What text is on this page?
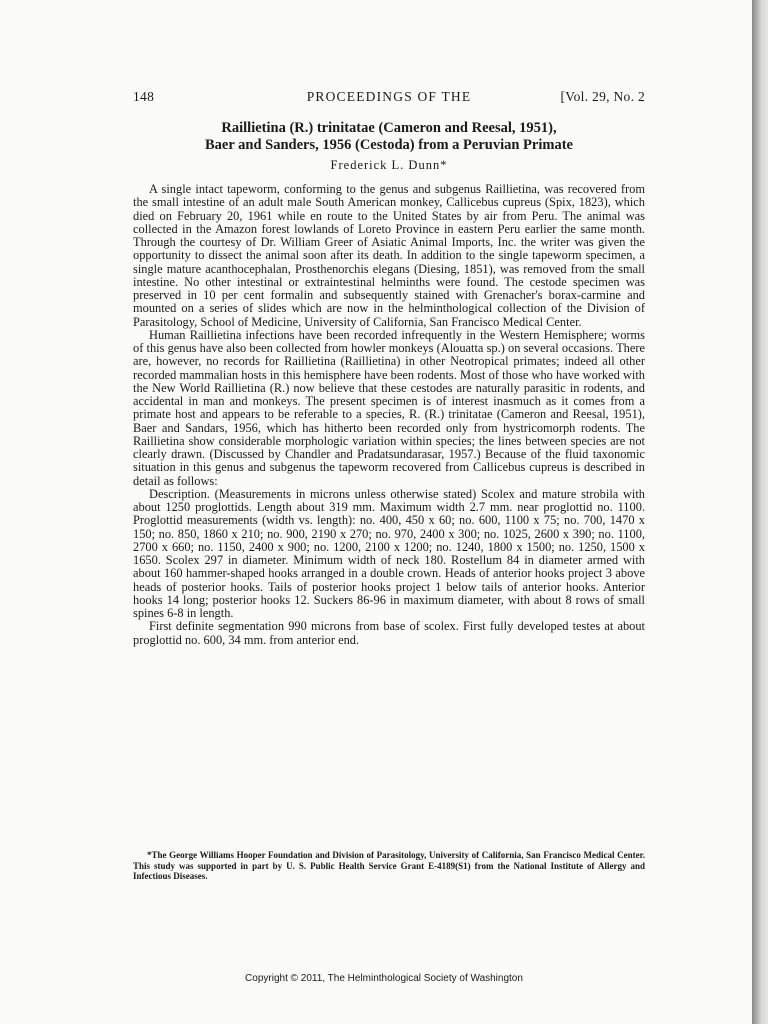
148	PROCEEDINGS OF THE	[Vol. 29, No. 2
Raillietina (R.) trinitatae (Cameron and Reesal, 1951),
Baer and Sanders, 1956 (Cestoda) from a Peruvian Primate
Frederick L. Dunn*

A single intact tapeworm, conforming to the genus and subgenus Raillietina, was recovered from the small intestine of an adult male South American monkey, Callicebus cupreus (Spix, 1823), which died on February 20, 1961 while en route to the United States by air from Peru. The animal was collected in the Amazon forest lowlands of Loreto Province in eastern Peru earlier the same month. Through the courtesy of Dr. William Greer of Asiatic Animal Imports, Inc. the writer was given the opportunity to dissect the animal soon after its death. In addition to the single tapeworm specimen, a single mature acanthocephalan, Prosthenorchis elegans (Diesing, 1851), was removed from the small intestine. No other intestinal or extraintestinal helminths were found. The cestode specimen was preserved in 10 per cent formalin and subsequently stained with Grenacher's borax-carmine and mounted on a series of slides which are now in the helminthological collection of the Division of Parasitology, School of Medicine, University of California, San Francisco Medical Center.

Human Raillietina infections have been recorded infrequently in the Western Hemisphere; worms of this genus have also been collected from howler monkeys (Alouatta sp.) on several occasions. There are, however, no records for Raillietina (Raillietina) in other Neotropical primates; indeed all other recorded mammalian hosts in this hemisphere have been rodents. Most of those who have worked with the New World Raillietina (R.) now believe that these cestodes are naturally parasitic in rodents, and accidental in man and monkeys. The present specimen is of interest inasmuch as it comes from a primate host and appears to be referable to a species, R. (R.) trinitatae (Cameron and Reesal, 1951), Baer and Sandars, 1956, which has hitherto been recorded only from hystricomorph rodents. The Raillietina show considerable morphologic variation within species; the lines between species are not clearly drawn. (Discussed by Chandler and Pradatsundarasar, 1957.) Because of the fluid taxonomic situation in this genus and subgenus the tapeworm recovered from Callicebus cupreus is described in detail as follows:

Description. (Measurements in microns unless otherwise stated) Scolex and mature strobila with about 1250 proglottids. Length about 319 mm. Maximum width 2.7 mm. near proglottid no. 1100. Proglottid measurements (width vs. length): no. 400, 450 x 60; no. 600, 1100 x 75; no. 700, 1470 x 150; no. 850, 1860 x 210; no. 900, 2190 x 270; no. 970, 2400 x 300; no. 1025, 2600 x 390; no. 1100, 2700 x 660; no. 1150, 2400 x 900; no. 1200, 2100 x 1200; no. 1240, 1800 x 1500; no. 1250, 1500 x 1650. Scolex 297 in diameter. Minimum width of neck 180. Rostellum 84 in diameter armed with about 160 hammer-shaped hooks arranged in a double crown. Heads of anterior hooks project 3 above heads of posterior hooks. Tails of posterior hooks project 1 below tails of anterior hooks. Anterior hooks 14 long; posterior hooks 12. Suckers 86-96 in maximum diameter, with about 8 rows of small spines 6-8 in length.

First definite segmentation 990 microns from base of scolex. First fully developed testes at about proglottid no. 600, 34 mm. from anterior end.

*The George Williams Hooper Foundation and Division of Parasitology, University of California, San Francisco Medical Center. This study was supported in part by U. S. Public Health Service Grant E-4189(S1) from the National Institute of Allergy and Infectious Diseases.

Copyright © 2011, The Helminthological Society of Washington
